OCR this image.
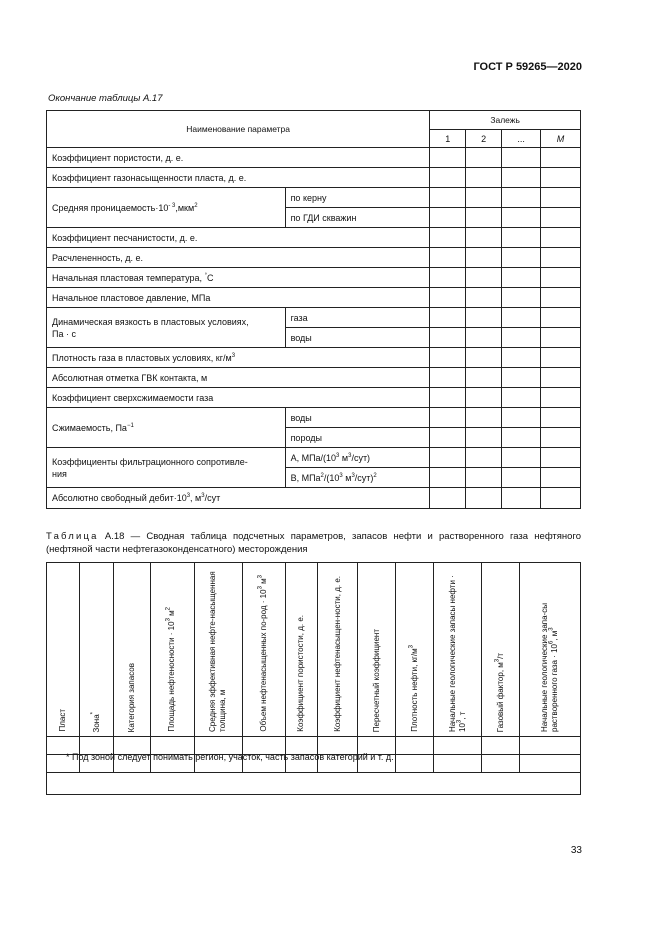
ГОСТ Р 59265—2020
Окончание таблицы А.17
Наименование параметра		Залежь			
		1	2	...	M
Коэффициент пористости, д. е.					
Коэффициент газонасыщенности пласта, д. е.					
Средняя $проницаемость\cdot 10^{- 3},мкм^2$	по керну				
	по ГДИ скважин				
Коэффициент песчанистости, д. е.					
Расчлененность, д. е.					
Начальная пластовая температура, °С					
Начальное пластовое давление, МПа					

Динамическая вязкость в пластовых условиях,
Па · с	газа				
	воды				
Плотность газа в пластовых условиях, $кг/м^3$				
Абсолютная отметка ГВК контакта, м					
Коэффициент сверхсжимаемости газа					
Сжимаемость, $Па^{-1}$	воды				
	породы				

Коэффициенты фильтрационного сопротивле-
ния	А, МПа/($10^3$ $м^3/сут$)				
	В, $МПа^2/(10^3$ $м^3/сут)^2$				
Абсолютно свободный $дебит\cdot 10^3$, $м^3$/сут					
Таблица А.18 — Сводная таблица подсчетных параметров, запасов нефти и растворенного газа нефтяного (нефтяной части нефтегазоконденсатного) месторождения
Пласт	Зона*	Категория запасов	Площадь нефтеносности · $10^3$ $м^2$	Средняя эффективная нефте-насыщенная толщина, м	Объем нефтенасыщенных $по-род \cdot 10^3$ $м^3$	Коэффициент пористости, д. е.	Коэффициент нефтенасыщен-ности, д. е.	Пересчетный коэффициент	Плотность нефти, $кг/м^3$	Начальные геологические запасы нефти · $10^3$, т	Газовый фактор, $м^3/т$	Начальные геологические запа-сы растворенного газа · $10^6$, $м^3$

* Под зоной следует понимать регион, участок, часть запасов категорий и т. д.
33
